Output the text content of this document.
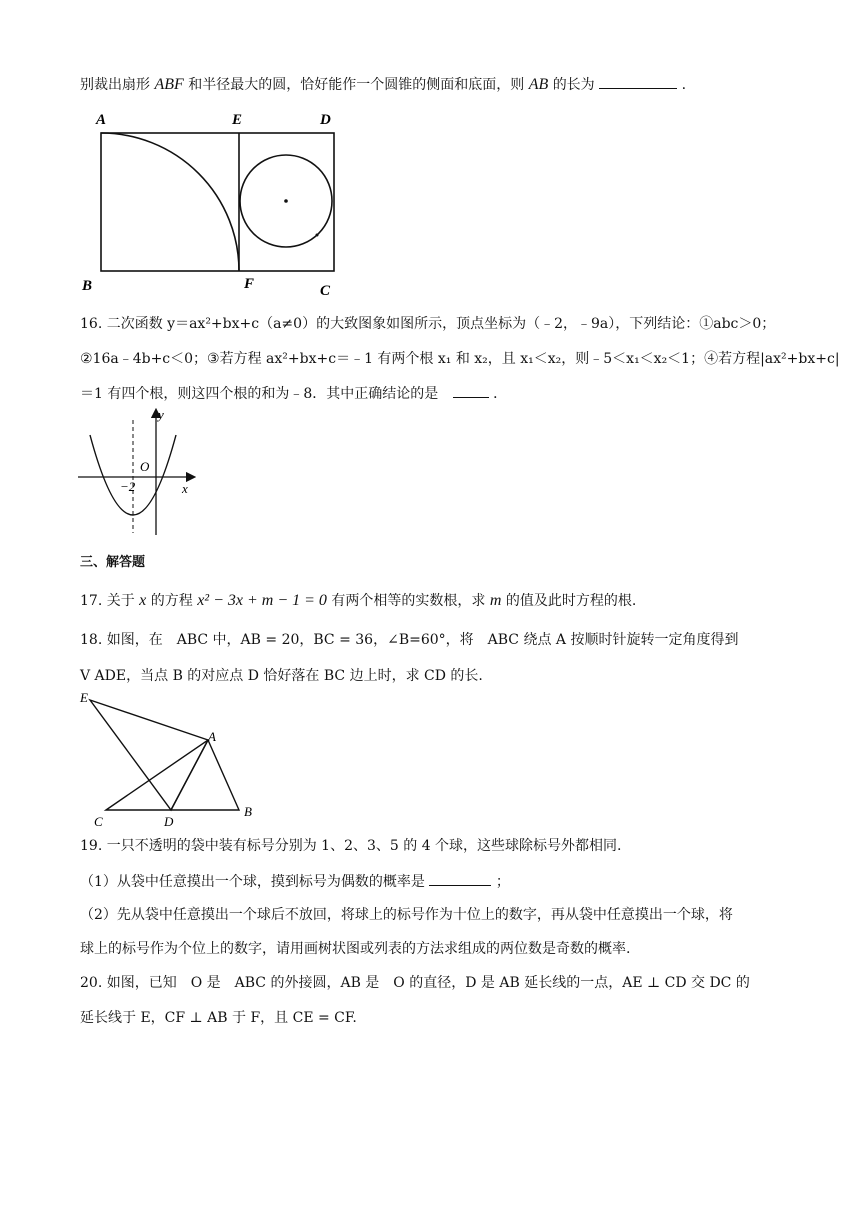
别裁出扇形 ABF 和半径最大的圆，恰好能作一个圆锥的侧面和底面，则 AB 的长为	.
A	E	D
B	F	C
16. 二次函数 y＝ax²+bx+c（a≠0）的大致图象如图所示，顶点坐标为（﹣2，﹣9a），下列结论：①abc＞0；
②16a﹣4b+c＜0；③若方程 ax²+bx+c＝﹣1 有两个根 x₁ 和 x₂，且 x₁＜x₂，则﹣5＜x₁＜x₂＜1；④若方程|ax²+bx+c|
＝1 有四个根，则这四个根的和为﹣8．其中正确结论的是	．
y
O
−2	x
三、解答题
17. 关于 x 的方程 x² − 3x + m − 1 = 0 有两个相等的实数根，求 m 的值及此时方程的根.
18. 如图，在　ABC 中，AB = 20，BC = 36，∠B=60°，将　ABC 绕点 A 按顺时针旋转一定角度得到
V ADE，当点 B 的对应点 D 恰好落在 BC 边上时，求 CD 的长.
E
A
C	D
B
19. 一只不透明的袋中装有标号分别为 1、2、3、5 的 4 个球，这些球除标号外都相同.
（1）从袋中任意摸出一个球，摸到标号为偶数的概率是	；
（2）先从袋中任意摸出一个球后不放回，将球上的标号作为十位上的数字，再从袋中任意摸出一个球，将
球上的标号作为个位上的数字，请用画树状图或列表的方法求组成的两位数是奇数的概率.
20. 如图，已知　O 是　ABC 的外接圆，AB 是　O 的直径，D 是 AB 延长线的一点，AE ⊥ CD 交 DC 的
延长线于 E，CF ⊥ AB 于 F，且 CE = CF.
